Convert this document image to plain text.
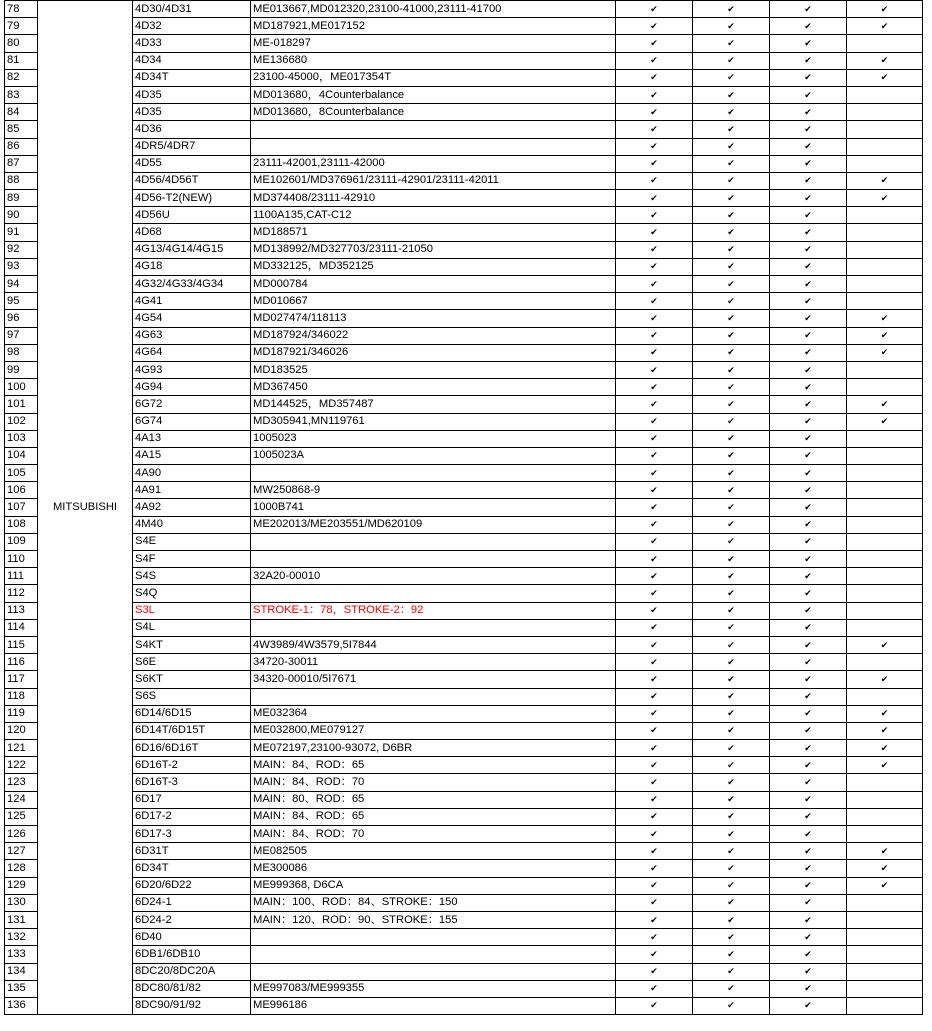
78	MITSUBISHI	4D30/4D31	ME013667,MD012320,23100-41000,23111-41700	✔	✔	✔	✔
79		4D32	MD187921,ME017152	✔	✔	✔	✔
80		4D33	ME-018297	✔	✔	✔	
81		4D34	ME136680	✔	✔	✔	✔
82		4D34T	23100-45000，ME017354T	✔	✔	✔	✔
83		4D35	MD013680，4Counterbalance	✔	✔	✔	
84		4D35	MD013680，8Counterbalance	✔	✔	✔	
85		4D36		✔	✔	✔	
86		4DR5/4DR7		✔	✔	✔	
87		4D55	23111-42001,23111-42000	✔	✔	✔	
88		4D56/4D56T	ME102601/MD376961/23111-42901/23111-42011	✔	✔	✔	✔
89		4D56-T2(NEW)	MD374408/23111-42910	✔	✔	✔	✔
90		4D56U	1100A135,CAT-C12	✔	✔	✔	
91		4D68	MD188571	✔	✔	✔	
92		4G13/4G14/4G15	MD138992/MD327703/23111-21050	✔	✔	✔	
93		4G18	MD332125，MD352125	✔	✔	✔	
94		4G32/4G33/4G34	MD000784	✔	✔	✔	
95		4G41	MD010667	✔	✔	✔	
96		4G54	MD027474/118113	✔	✔	✔	✔
97		4G63	MD187924/346022	✔	✔	✔	✔
98		4G64	MD187921/346026	✔	✔	✔	✔
99		4G93	MD183525	✔	✔	✔	
100		4G94	MD367450	✔	✔	✔	
101		6G72	MD144525，MD357487	✔	✔	✔	✔
102		6G74	MD305941,MN119761	✔	✔	✔	✔
103		4A13	1005023	✔	✔	✔	
104		4A15	1005023A	✔	✔	✔	
105		4A90		✔	✔	✔	
106		4A91	MW250868-9	✔	✔	✔	
107		4A92	1000B741	✔	✔	✔	
108		4M40	ME202013/ME203551/MD620109	✔	✔	✔	
109		S4E		✔	✔	✔	
110		S4F		✔	✔	✔	
111		S4S	32A20-00010	✔	✔	✔	
112		S4Q		✔	✔	✔	
113		S3L	STROKE-1：78，STROKE-2：92	✔	✔	✔	
114		S4L		✔	✔	✔	
115		S4KT	4W3989/4W3579,5I7844	✔	✔	✔	✔
116		S6E	34720-30011	✔	✔	✔	
117		S6KT	34320-00010/5I7671	✔	✔	✔	✔
118		S6S		✔	✔	✔	
119		6D14/6D15	ME032364	✔	✔	✔	✔
120		6D14T/6D15T	ME032800,ME079127	✔	✔	✔	✔
121		6D16/6D16T	ME072197,23100-93072, D6BR	✔	✔	✔	✔
122		6D16T-2	MAIN：84、ROD：65	✔	✔	✔	✔
123		6D16T-3	MAIN：84、ROD：70	✔	✔	✔	
124		6D17	MAIN：80、ROD：65	✔	✔	✔	
125		6D17-2	MAIN：84、ROD：65	✔	✔	✔	
126		6D17-3	MAIN：84、ROD：70	✔	✔	✔	
127		6D31T	ME082505	✔	✔	✔	✔
128		6D34T	ME300086	✔	✔	✔	✔
129		6D20/6D22	ME999368, D6CA	✔	✔	✔	✔
130		6D24-1	MAIN：100、ROD：84、STROKE：150	✔	✔	✔	
131		6D24-2	MAIN：120、ROD：90、STROKE：155	✔	✔	✔	
132		6D40		✔	✔	✔	
133		6DB1/6DB10		✔	✔	✔	
134		8DC20/8DC20A		✔	✔	✔	
135		8DC80/81/82	ME997083/ME999355	✔	✔	✔	
136		8DC90/91/92	ME996186	✔	✔	✔	
